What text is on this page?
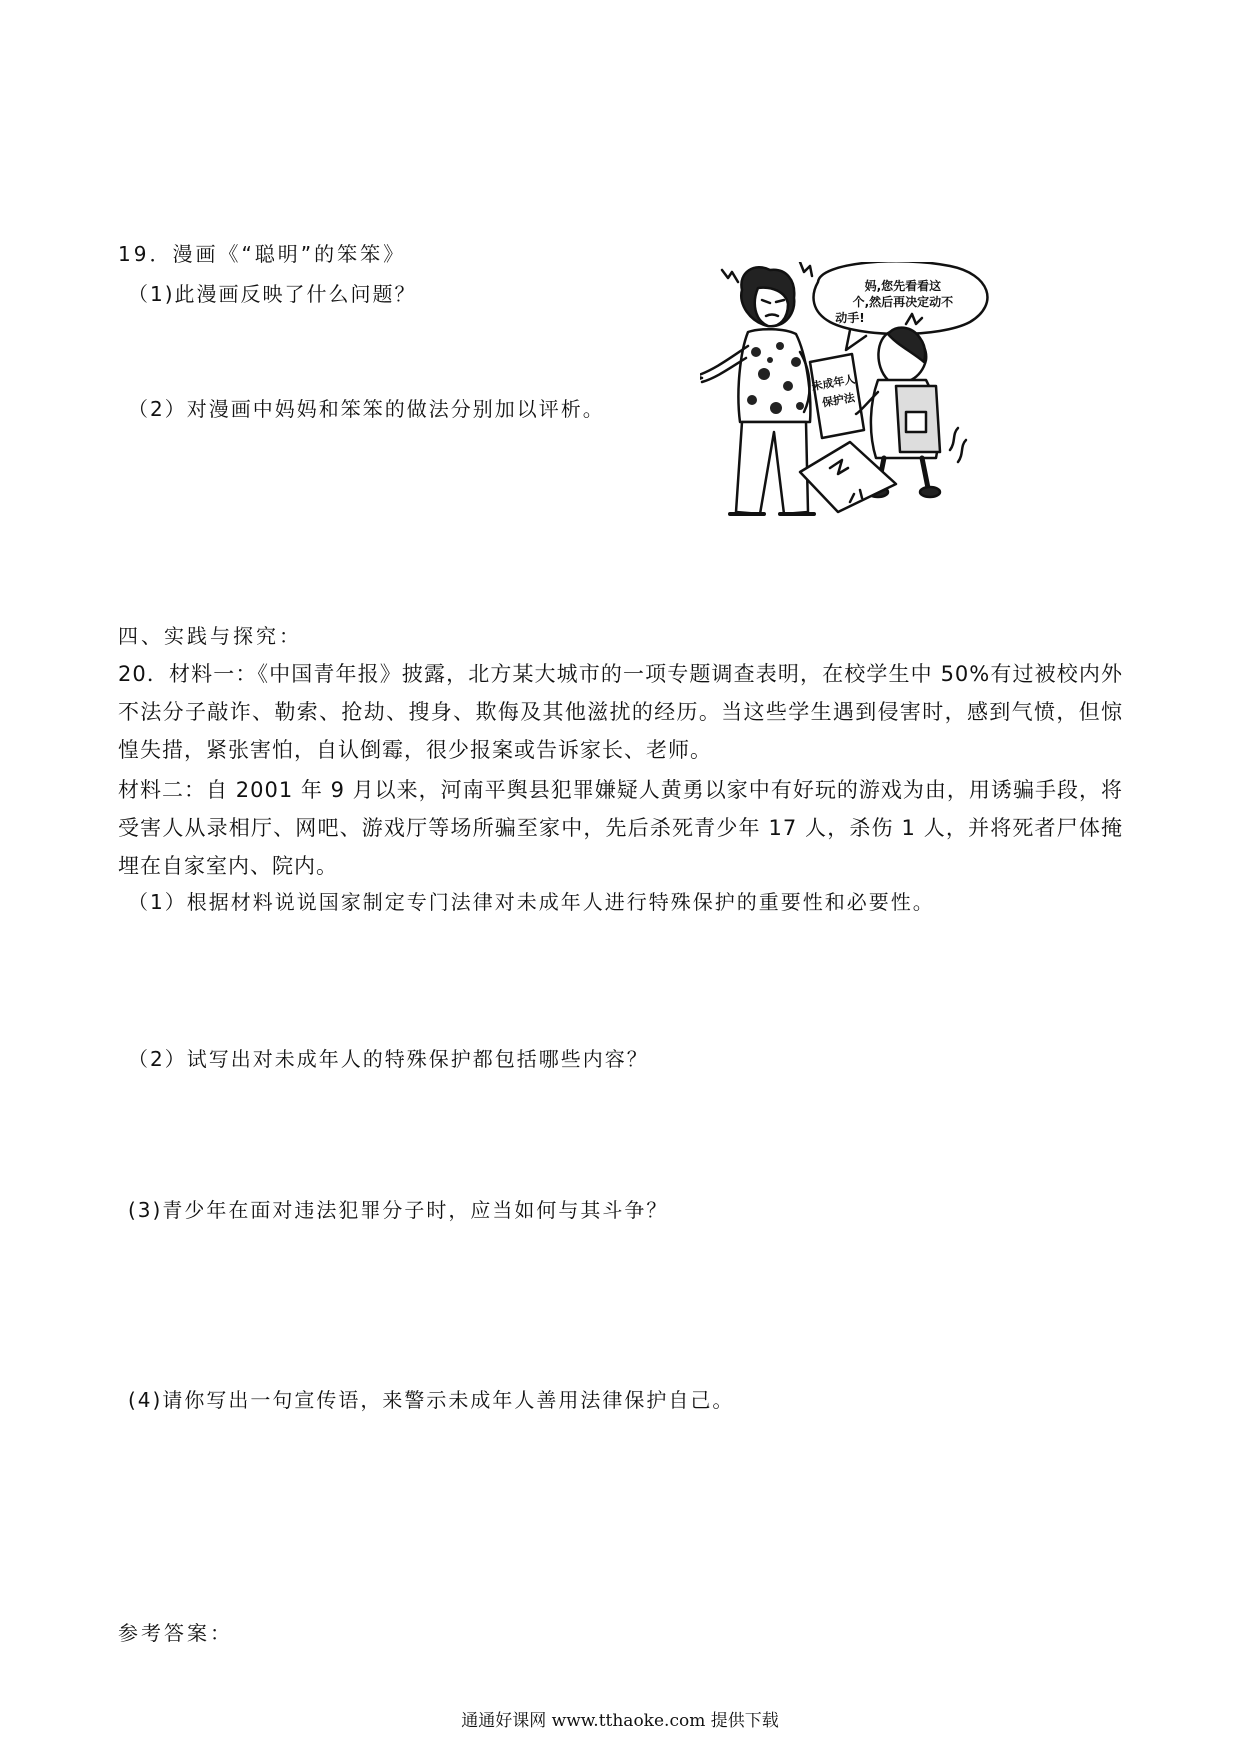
19．漫画《“聪明”的笨笨》
（1)此漫画反映了什么问题？
（2）对漫画中妈妈和笨笨的做法分别加以评析。
妈,您先看看这 个,然后再决定动不 动手!
未成年人 保护法
四、实践与探究：
20．材料一：《中国青年报》披露，北方某大城市的一项专题调查表明，在校学生中 50%有过被校内外不法分子敲诈、勒索、抢劫、搜身、欺侮及其他滋扰的经历。当这些学生遇到侵害时，感到气愤，但惊惶失措，紧张害怕，自认倒霉，很少报案或告诉家长、老师。
材料二：自 2001 年 9 月以来，河南平舆县犯罪嫌疑人黄勇以家中有好玩的游戏为由，用诱骗手段，将受害人从录相厅、网吧、游戏厅等场所骗至家中，先后杀死青少年 17 人，杀伤 1 人，并将死者尸体掩埋在自家室内、院内。
（1）根据材料说说国家制定专门法律对未成年人进行特殊保护的重要性和必要性。
（2）试写出对未成年人的特殊保护都包括哪些内容？
(3)青少年在面对违法犯罪分子时，应当如何与其斗争？
(4)请你写出一句宣传语，来警示未成年人善用法律保护自己。
参考答案：
通通好课网 www.tthaoke.com 提供下载
